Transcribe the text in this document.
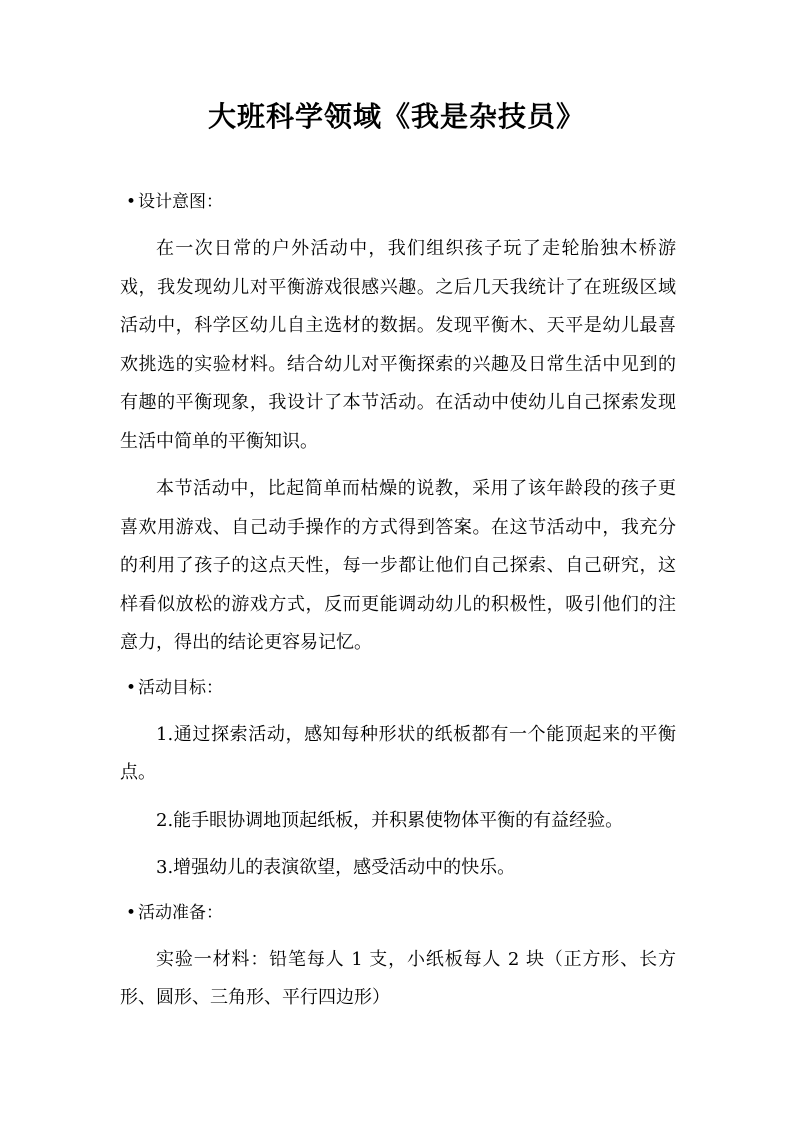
大班科学领域《我是杂技员》
• 设计意图：

在一次日常的户外活动中，我们组织孩子玩了走轮胎独木桥游戏，我发现幼儿对平衡游戏很感兴趣。之后几天我统计了在班级区域活动中，科学区幼儿自主选材的数据。发现平衡木、天平是幼儿最喜欢挑选的实验材料。结合幼儿对平衡探索的兴趣及日常生活中见到的有趣的平衡现象，我设计了本节活动。在活动中使幼儿自己探索发现生活中简单的平衡知识。

本节活动中，比起简单而枯燥的说教，采用了该年龄段的孩子更喜欢用游戏、自己动手操作的方式得到答案。在这节活动中，我充分的利用了孩子的这点天性，每一步都让他们自己探索、自己研究，这样看似放松的游戏方式，反而更能调动幼儿的积极性，吸引他们的注意力，得出的结论更容易记忆。

• 活动目标：

1.通过探索活动，感知每种形状的纸板都有一个能顶起来的平衡点。

2.能手眼协调地顶起纸板，并积累使物体平衡的有益经验。

3.增强幼儿的表演欲望，感受活动中的快乐。

• 活动准备：

实验一材料：铅笔每人 1 支，小纸板每人 2 块（正方形、长方形、圆形、三角形、平行四边形）
